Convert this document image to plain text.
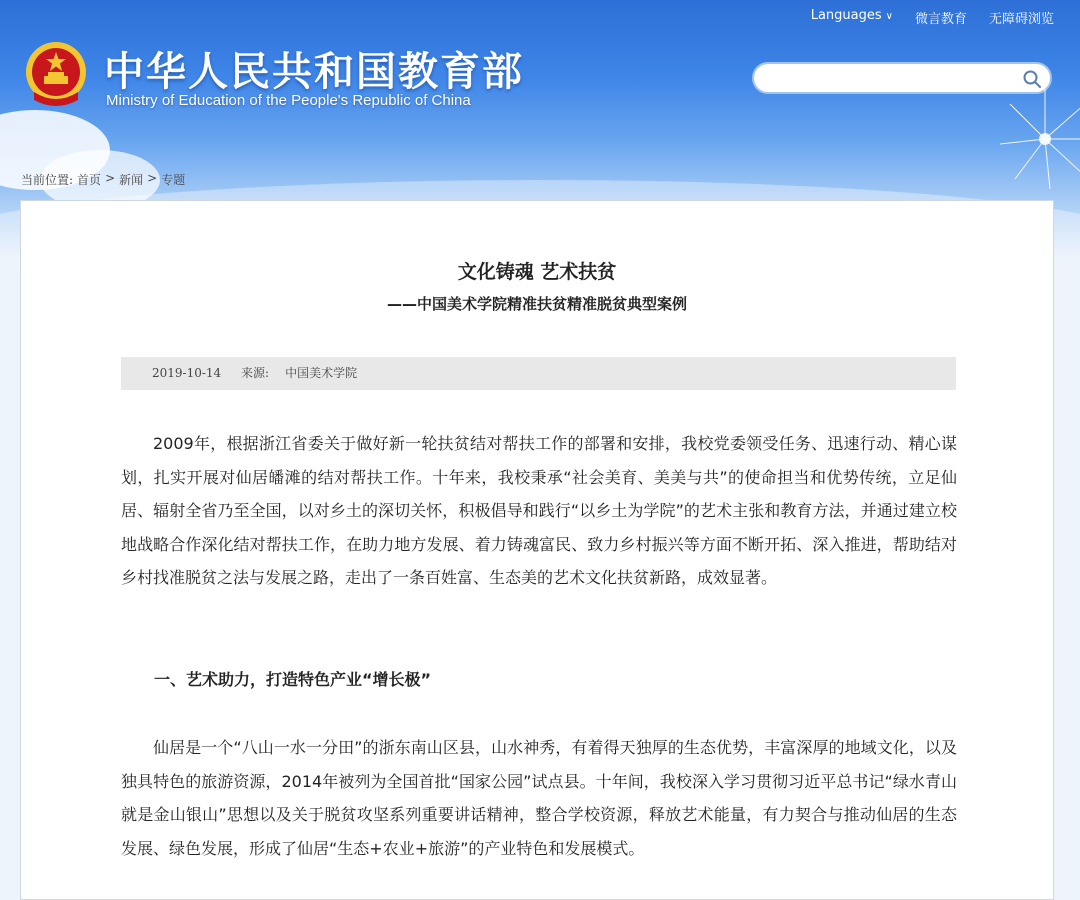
中华人民共和国教育部
Ministry of Education of the People's Republic of China
Languages ∨ 微言教育 无障碍浏览
当前位置: 首页 > 新闻 > 专题
文化铸魂 艺术扶贫
——中国美术学院精准扶贫精准脱贫典型案例
2019-10-14 来源: 中国美术学院

2009年，根据浙江省委关于做好新一轮扶贫结对帮扶工作的部署和安排，我校党委领受任务、迅速行动、精心谋划，扎实开展对仙居皤滩的结对帮扶工作。十年来，我校秉承“社会美育、美美与共”的使命担当和优势传统，立足仙居、辐射全省乃至全国，以对乡土的深切关怀，积极倡导和践行“以乡土为学院”的艺术主张和教育方法，并通过建立校地战略合作深化结对帮扶工作，在助力地方发展、着力铸魂富民、致力乡村振兴等方面不断开拓、深入推进，帮助结对乡村找准脱贫之法与发展之路，走出了一条百姓富、生态美的艺术文化扶贫新路，成效显著。

一、艺术助力，打造特色产业“增长极”

仙居是一个“八山一水一分田”的浙东南山区县，山水神秀，有着得天独厚的生态优势，丰富深厚的地域文化，以及独具特色的旅游资源，2014年被列为全国首批“国家公园”试点县。十年间，我校深入学习贯彻习近平总书记“绿水青山就是金山银山”思想以及关于脱贫攻坚系列重要讲话精神，整合学校资源，释放艺术能量，有力契合与推动仙居的生态发展、绿色发展，形成了仙居“生态+农业+旅游”的产业特色和发展模式。
